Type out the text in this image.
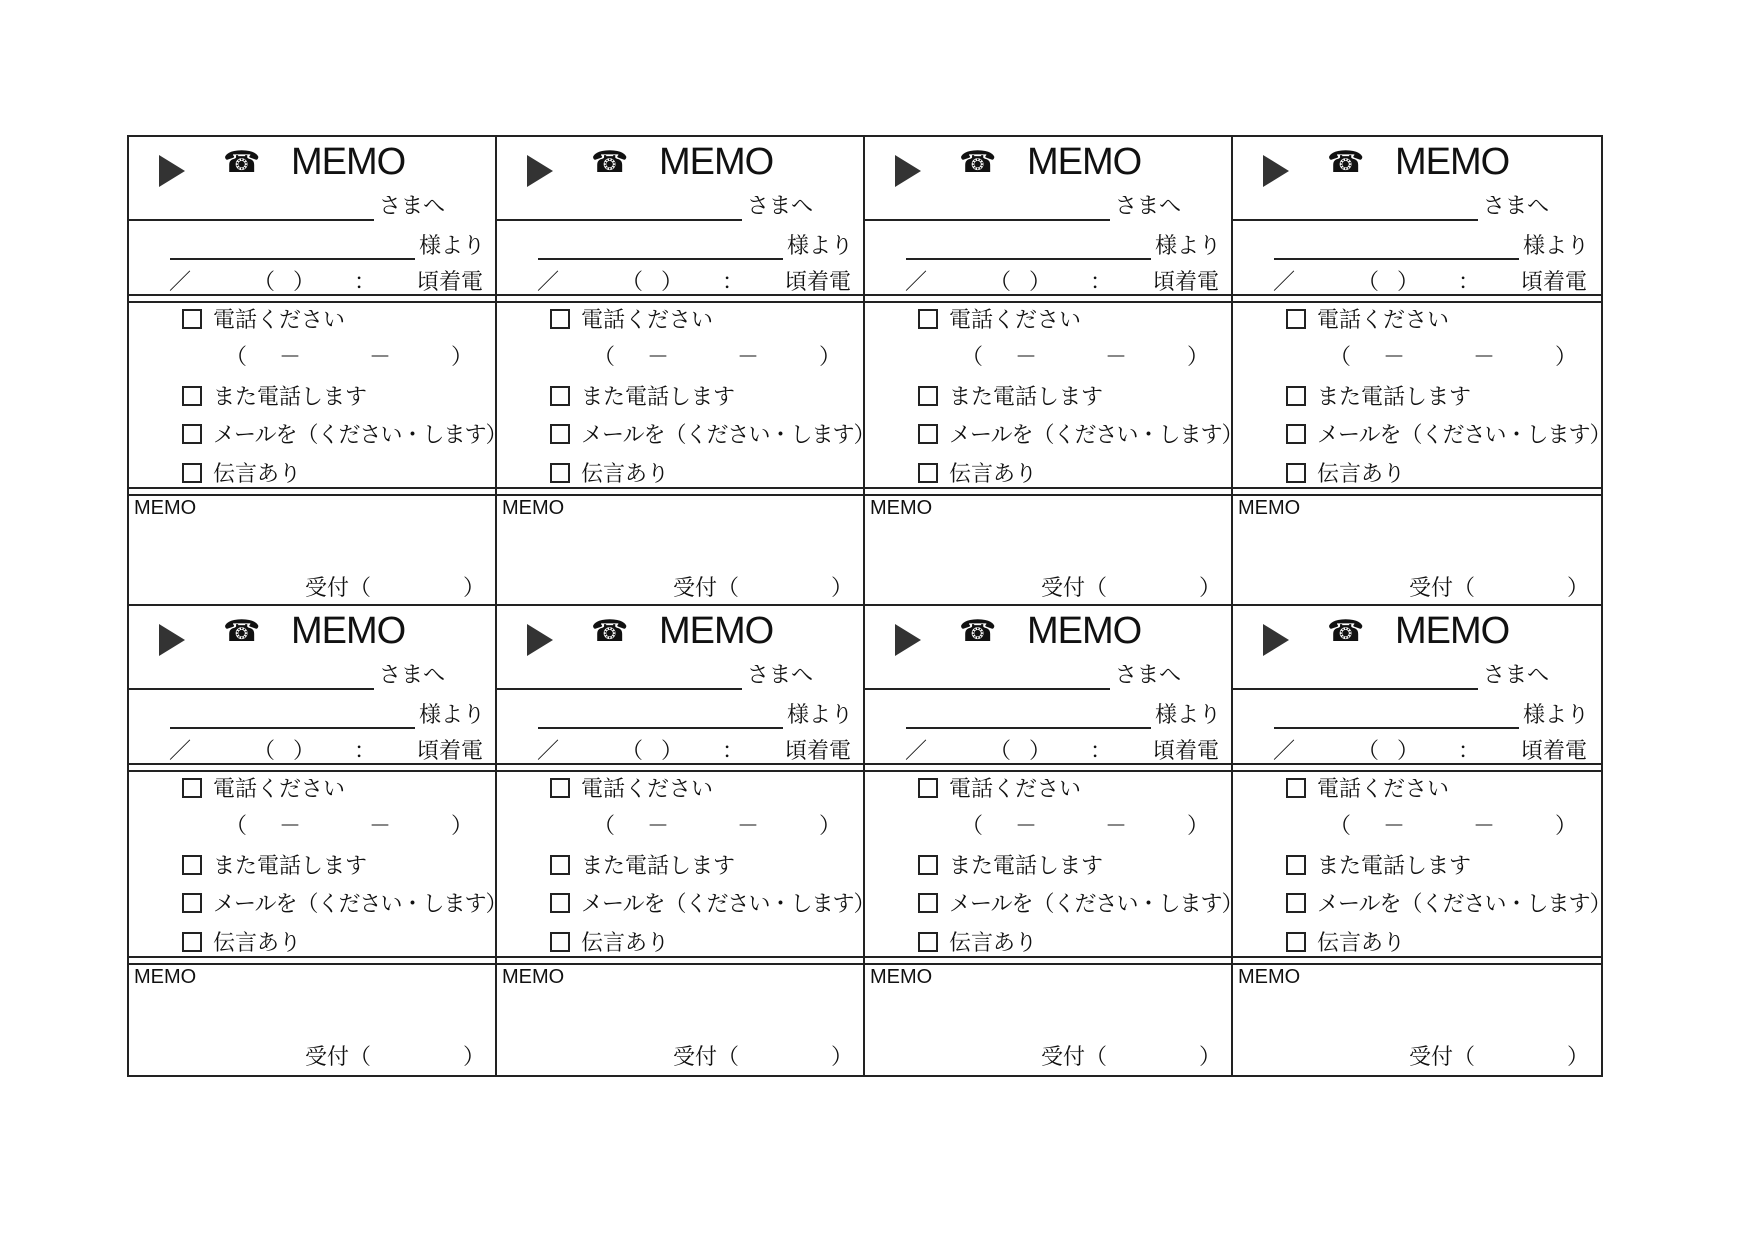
☎ MEMO
さまへ
様より
／	（ ） ： 頃着電
電話ください
（ －	－	）
また電話します
メールを（ください・します）
伝言あり
MEMO
受付（	）
☎ MEMO
さまへ
様より
／	（ ） ： 頃着電
電話ください
（ －	－	）
また電話します
メールを（ください・します）
伝言あり
MEMO
受付（	）
☎ MEMO
さまへ
様より
／	（ ） ： 頃着電
電話ください
（ －	－	）
また電話します
メールを（ください・します）
伝言あり
MEMO
受付（	）
☎ MEMO
さまへ
様より
／	（ ） ： 頃着電
電話ください
（ －	－	）
また電話します
メールを（ください・します）
伝言あり
MEMO
受付（	）
☎ MEMO
さまへ
様より
／	（ ） ： 頃着電
電話ください
（ －	－	）
また電話します
メールを（ください・します）
伝言あり
MEMO
受付（	）
☎ MEMO
さまへ
様より
／	（ ） ： 頃着電
電話ください
（ －	－	）
また電話します
メールを（ください・します）
伝言あり
MEMO
受付（	）
☎ MEMO
さまへ
様より
／	（ ） ： 頃着電
電話ください
（ －	－	）
また電話します
メールを（ください・します）
伝言あり
MEMO
受付（	）
☎ MEMO
さまへ
様より
／	（ ） ： 頃着電
電話ください
（ －	－	）
また電話します
メールを（ください・します）
伝言あり
MEMO
受付（	）
